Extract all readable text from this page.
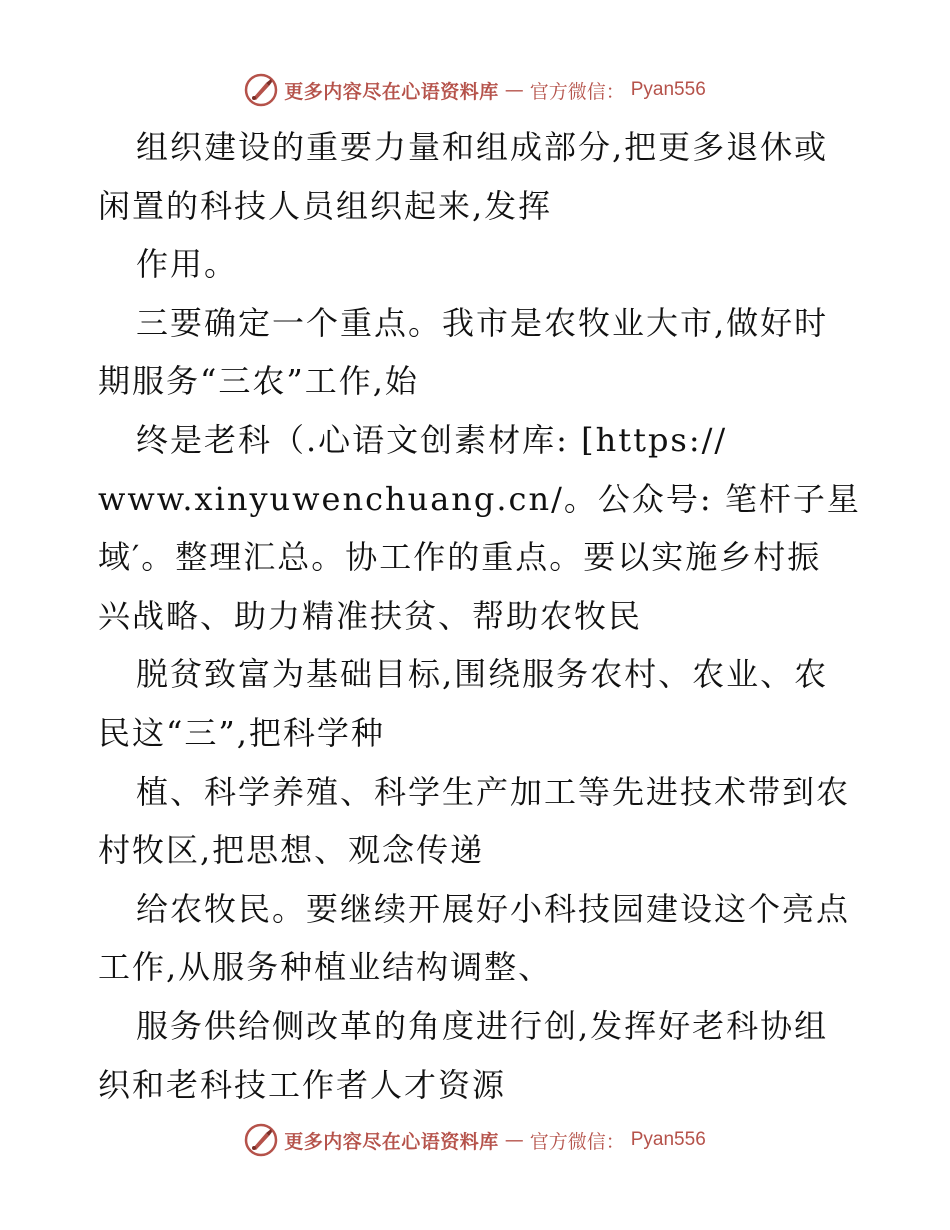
更多内容尽在心语资料库 — 官方微信： Pyan556
组织建设的重要力量和组成部分,把更多退休或
闲置的科技人员组织起来,发挥
作用。
三要确定一个重点。我市是农牧业大市,做好时
期服务“三农”工作,始
终是老科（.心语文创素材库: [https://
www.xinyuwenchuang.cn/。公众号: 笔杆子星
域′。整理汇总。协工作的重点。要以实施乡村振
兴战略、助力精准扶贫、帮助农牧民
脱贫致富为基础目标,围绕服务农村、农业、农
民这“三”,把科学种
植、科学养殖、科学生产加工等先进技术带到农
村牧区,把思想、观念传递
给农牧民。要继续开展好小科技园建设这个亮点
工作,从服务种植业结构调整、
服务供给侧改革的角度进行创,发挥好老科协组
织和老科技工作者人才资源
更多内容尽在心语资料库 — 官方微信： Pyan556
